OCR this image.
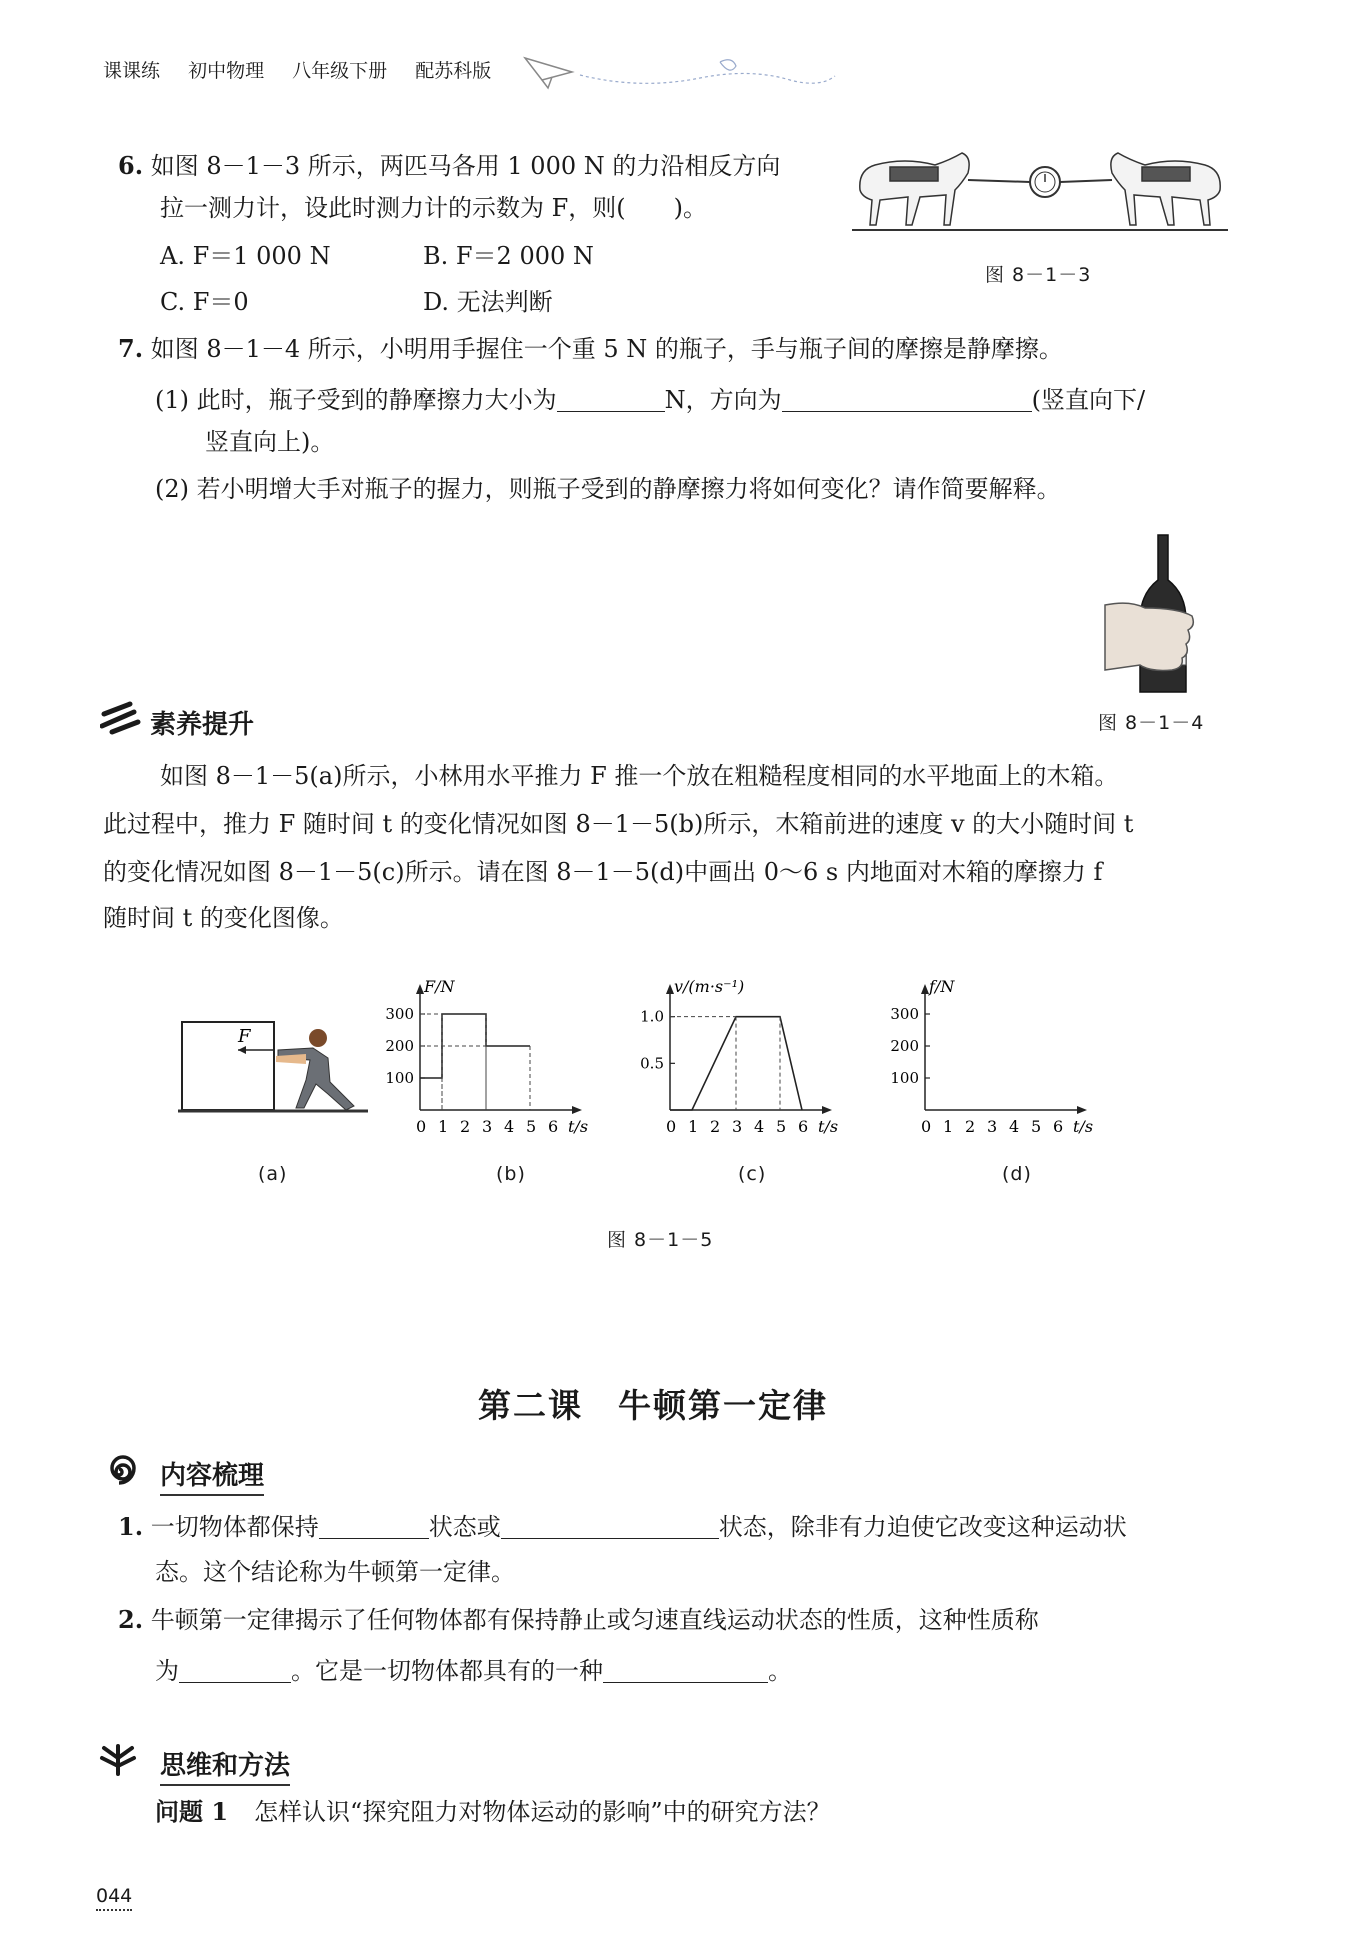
课课练 初中物理 八年级下册 配苏科版
6. 如图 8－1－3 所示，两匹马各用 1 000 N 的力沿相反方向
拉一测力计，设此时测力计的示数为 F，则(　　)。
A. F＝1 000 N	B. F＝2 000 N
C. F＝0	D. 无法判断
图 8－1－3
7. 如图 8－1－4 所示，小明用手握住一个重 5 N 的瓶子，手与瓶子间的摩擦是静摩擦。
(1) 此时，瓶子受到的静摩擦力大小为	N，方向为	(竖直向下/
竖直向上)。
(2) 若小明增大手对瓶子的握力，则瓶子受到的静摩擦力将如何变化？请作简要解释。
图 8－1－4
素养提升
如图 8－1－5(a)所示，小林用水平推力 F 推一个放在粗糙程度相同的水平地面上的木箱。
此过程中，推力 F 随时间 t 的变化情况如图 8－1－5(b)所示，木箱前进的速度 v 的大小随时间 t
的变化情况如图 8－1－5(c)所示。请在图 8－1－5(d)中画出 0～6 s 内地面对木箱的摩擦力 f
随时间 t 的变化图像。
F
F/N
0 1 2 3 4 5 6 t/s
100
200
300
v/(m·s⁻¹)
0 1 2 3 4 5 6 t/s
0.5
1.0
f/N
0 1 2 3 4 5 6 t/s
100
200
300
(a)	(b)	(c)	(d)
图 8－1－5
第二课　牛顿第一定律
内容梳理
1. 一切物体都保持	状态或	状态，除非有力迫使它改变这种运动状
态。这个结论称为牛顿第一定律。
2. 牛顿第一定律揭示了任何物体都有保持静止或匀速直线运动状态的性质，这种性质称
为	。它是一切物体都具有的一种	。
思维和方法
问题 1 怎样认识“探究阻力对物体运动的影响”中的研究方法？
044
